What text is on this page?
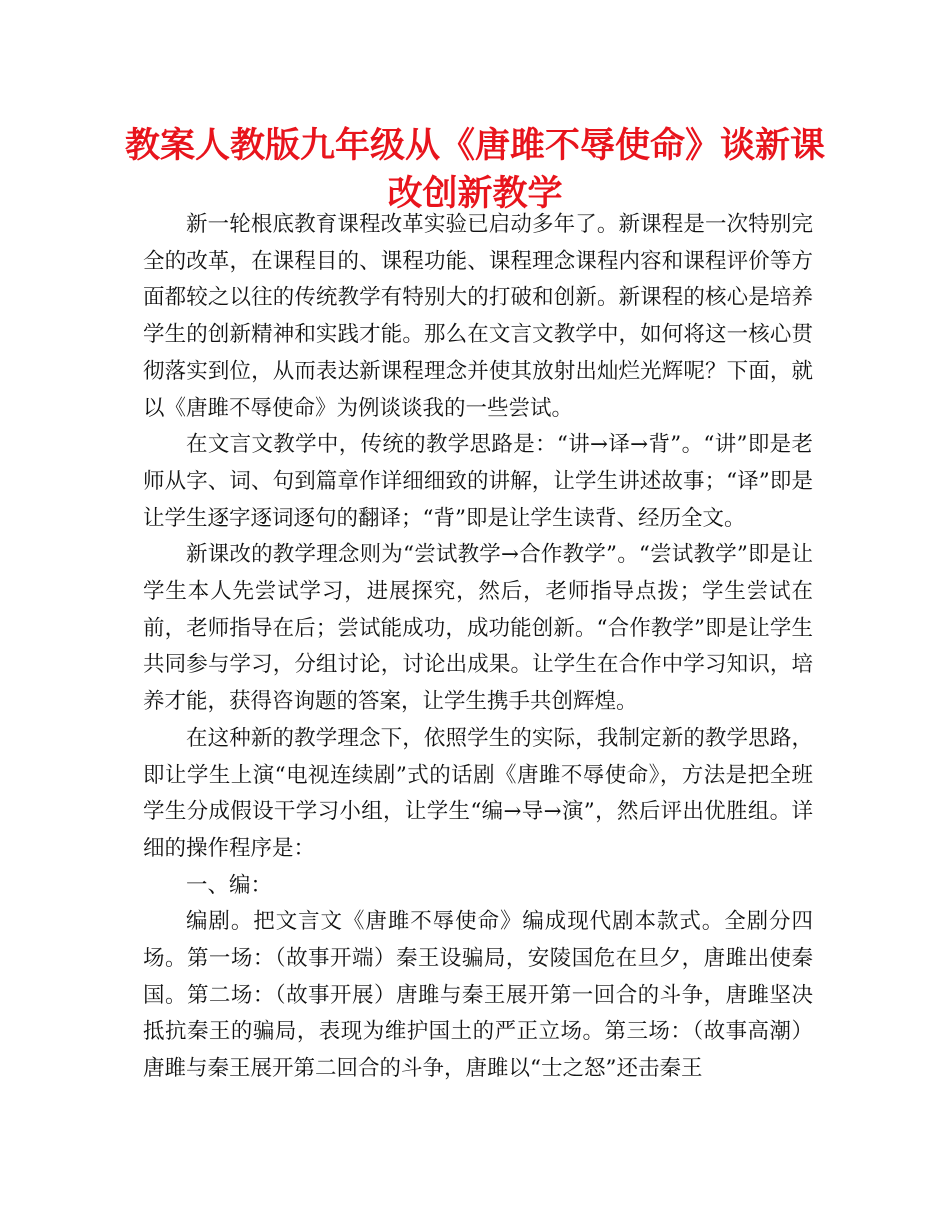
教案人教版九年级从《唐雎不辱使命》谈新课改创新教学

新一轮根底教育课程改革实验已启动多年了。新课程是一次特别完全的改革，在课程目的、课程功能、课程理念课程内容和课程评价等方面都较之以往的传统教学有特别大的打破和创新。新课程的核心是培养学生的创新精神和实践才能。那么在文言文教学中，如何将这一核心贯彻落实到位，从而表达新课程理念并使其放射出灿烂光辉呢？下面，就以《唐雎不辱使命》为例谈谈我的一些尝试。

在文言文教学中，传统的教学思路是：“讲→译→背”。“讲”即是老师从字、词、句到篇章作详细细致的讲解，让学生讲述故事；“译”即是让学生逐字逐词逐句的翻译；“背”即是让学生读背、经历全文。

新课改的教学理念则为“尝试教学→合作教学”。“尝试教学”即是让学生本人先尝试学习，进展探究，然后，老师指导点拨；学生尝试在前，老师指导在后；尝试能成功，成功能创新。“合作教学”即是让学生共同参与学习，分组讨论，讨论出成果。让学生在合作中学习知识，培养才能，获得咨询题的答案，让学生携手共创辉煌。

在这种新的教学理念下，依照学生的实际，我制定新的教学思路，即让学生上演“电视连续剧”式的话剧《唐雎不辱使命》，方法是把全班学生分成假设干学习小组，让学生“编→导→演”，然后评出优胜组。详细的操作程序是：

一、编：

编剧。把文言文《唐雎不辱使命》编成现代剧本款式。全剧分四场。第一场：（故事开端）秦王设骗局，安陵国危在旦夕，唐雎出使秦国。第二场：（故事开展）唐雎与秦王展开第一回合的斗争，唐雎坚决抵抗秦王的骗局，表现为维护国土的严正立场。第三场：（故事高潮）唐雎与秦王展开第二回合的斗争，唐雎以“士之怒”还击秦王
